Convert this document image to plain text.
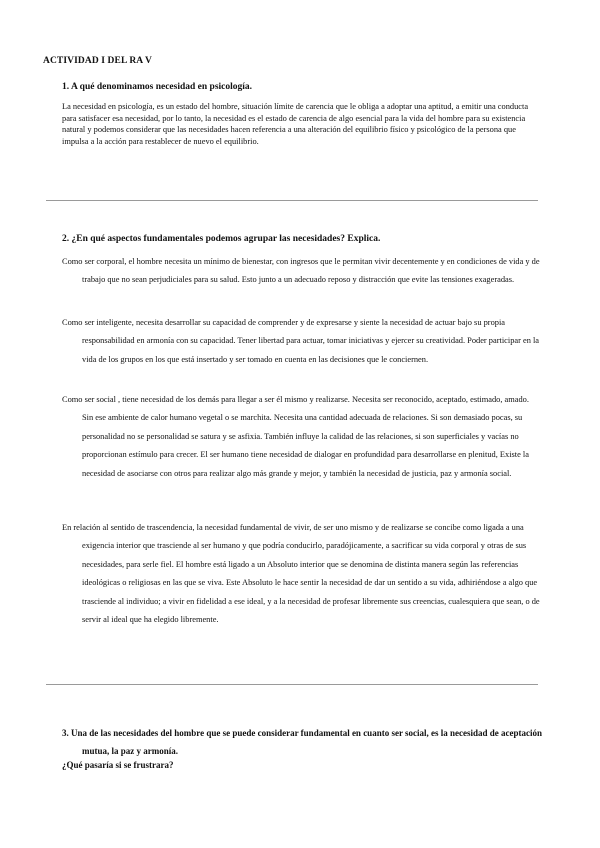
ACTIVIDAD I DEL RA V
1. A qué denominamos necesidad en psicología.
La necesidad en psicología, es un estado del hombre, situación límite de carencia que le obliga a adoptar una aptitud, a emitir una conducta para satisfacer esa necesidad, por lo tanto, la necesidad es el estado de carencia de algo esencial para la vida del hombre para su existencia natural y podemos considerar que las necesidades hacen referencia a una alteración del equilibrio físico y psicológico de la persona que impulsa a la acción para restablecer de nuevo el equilibrio.
2. ¿En qué aspectos fundamentales podemos agrupar las necesidades? Explica.

Como ser corporal, el hombre necesita un mínimo de bienestar, con ingresos que le permitan vivir decentemente y en condiciones de vida y de trabajo que no sean perjudiciales para su salud. Esto junto a un adecuado reposo y distracción que evite las tensiones exageradas.

Como ser inteligente, necesita desarrollar su capacidad de comprender y de expresarse y siente la necesidad de actuar bajo su propia responsabilidad en armonía con su capacidad. Tener libertad para actuar, tomar iniciativas y ejercer su creatividad. Poder participar en la vida de los grupos en los que está insertado y ser tomado en cuenta en las decisiones que le conciernen.

Como ser social , tiene necesidad de los demás para llegar a ser él mismo y realizarse. Necesita ser reconocido, aceptado, estimado, amado. Sin ese ambiente de calor humano vegetal o se marchita. Necesita una cantidad adecuada de relaciones. Si son demasiado pocas, su personalidad no se personalidad se satura y se asfixia. También influye la calidad de las relaciones, si son superficiales y vacías no proporcionan estímulo para crecer. El ser humano tiene necesidad de dialogar en profundidad para desarrollarse en plenitud, Existe la necesidad de asociarse con otros para realizar algo más grande y mejor, y también la necesidad de justicia, paz y armonía social.

En relación al sentido de trascendencia, la necesidad fundamental de vivir, de ser uno mismo y de realizarse se concibe como ligada a una exigencia interior que trasciende al ser humano y que podría conducirlo, paradójicamente, a sacrificar su vida corporal y otras de sus necesidades, para serle fiel. El hombre está ligado a un Absoluto interior que se denomina de distinta manera según las referencias ideológicas o religiosas en las que se viva. Este Absoluto le hace sentir la necesidad de dar un sentido a su vida, adhiriéndose a algo que trasciende al individuo; a vivir en fidelidad a ese ideal, y a la necesidad de profesar libremente sus creencias, cualesquiera que sean, o de servir al ideal que ha elegido libremente.

3. Una de las necesidades del hombre que se puede considerar fundamental en cuanto ser social, es la necesidad de aceptación mutua, la paz y armonía.
¿Qué pasaría si se frustrara?
